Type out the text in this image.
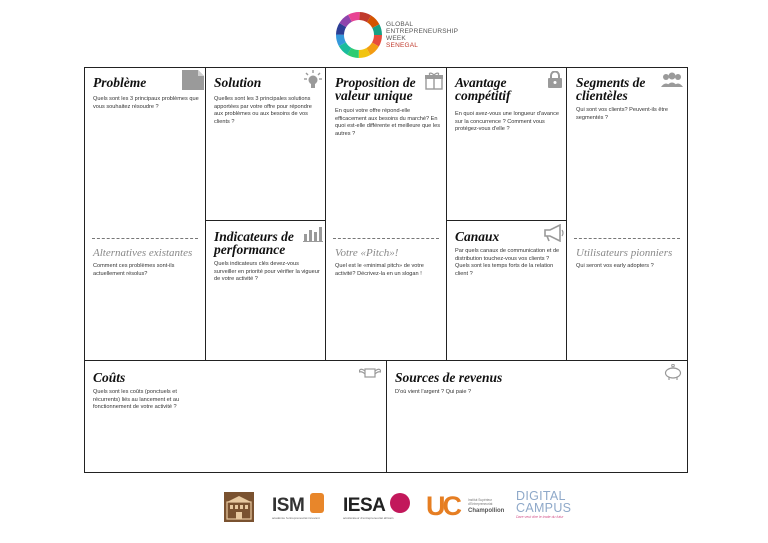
GLOBAL
ENTREPRENEURSHIP
WEEK
SENEGAL
Problème
Quels sont les 3 principaux problèmes que vous souhaitez résoudre ?
Alternatives existantes
Comment ces problèmes sont-ils actuellement résolus?
Solution
Quelles sont les 3 principales solutions apportées par votre offre pour répondre aux problèmes ou aux besoins de vos clients ?
Indicateurs de
performance
Quels indicateurs clés devez-vous surveiller en priorité pour vérifier la vigueur de votre activité ?
Proposition de
valeur unique
En quoi votre offre répond-elle efficacement aux besoins du marché? En quoi est-elle différente et meilleure que les autres ?
Votre «Pitch»!
Quel est le «minimal pitch» de votre activité? Décrivez-la en un slogan !
Avantage
compétitif
En quoi avez-vous une longueur d'avance sur la concurrence ? Comment vous protégez-vous d'elle ?
Canaux
Par quels canaux de communication et de distribution touchez-vous vos clients ? Quels sont les temps forts de la relation client ?
Segments de
clientèles
Qui sont vos clients? Peuvent-ils être segmentés ?
Utilisateurs pionniers
Qui seront vos early adopters ?
Coûts
Quels sont les coûts (ponctuels et récurrents) liés au lancement et au fonctionnement de votre activité ?
Sources de revenus
D'où vient l'argent ? Qui paie ?
ISM
académie l'entrepreneuriat innovant
IESA
accélérateur d'entrepreneuriat africain UC	Institut Supérieur
d'Entrepreneuriat
Champollion
DIGITAL
CAMPUS
Dare veut dire le trade du futur
